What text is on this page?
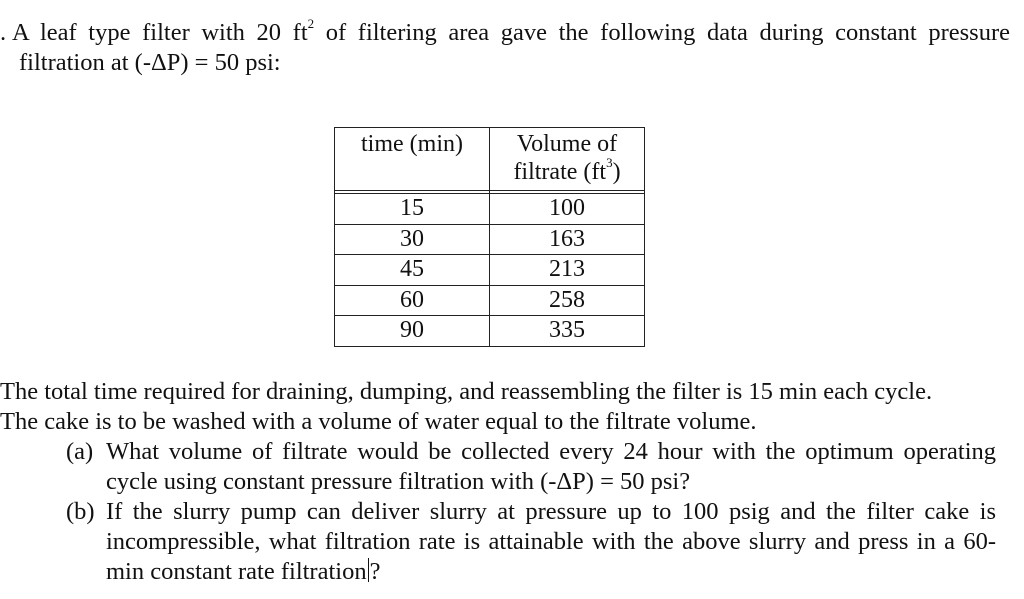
. A leaf type filter with 20 $ft^2$ of filtering area gave the following data during constant pressure
filtration at (-ΔP) = 50 psi:
time (min)	Volume of
filtrate $(ft^3)$

15	100
30	163
45	213
60	258
90	335

The total time required for draining, dumping, and reassembling the filter is 15 min each cycle.

The cake is to be washed with a volume of water equal to the filtrate volume.

(a) What volume of filtrate would be collected every 24 hour with the optimum operating cycle using constant pressure filtration with (-ΔP) = 50 psi?
(b) If the slurry pump can deliver slurry at pressure up to 100 psig and the filter cake is incompressible, what filtration rate is attainable with the above slurry and press in a 60-min constant rate filtration ?
